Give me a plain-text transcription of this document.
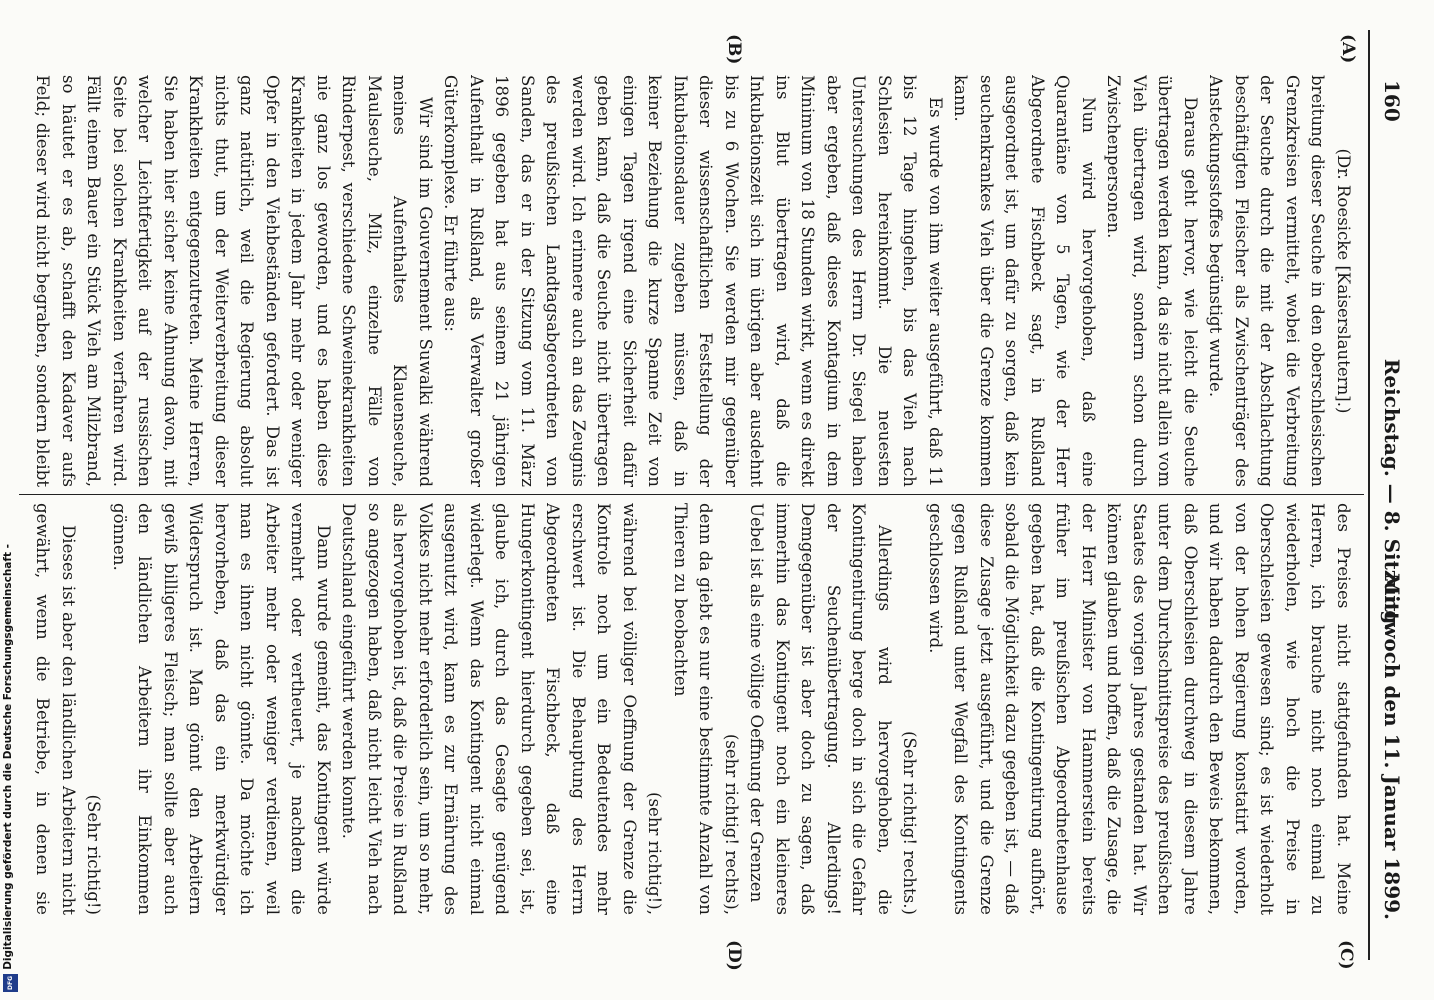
160
Reichstag. — 8. Sitzung.
Mittwoch den 11. Januar 1899.
(A)
(B)
(C)
(D)

(Dr. Roesicke [Kaiserslautern].)

breitung dieser Seuche in den oberschlesischen Grenzkreisen vermittelt, wobei die Verbreitung der Seuche durch die mit der Abschlachtung beschäftigten Fleischer als Zwischenträger des Ansteckungsstoffes begünstigt wurde.

Daraus geht hervor, wie leicht die Seuche übertragen werden kann, da sie nicht allein vom Vieh übertragen wird, sondern schon durch Zwischenpersonen.

Nun wird hervorgehoben, daß eine Quarantäne von 5 Tagen, wie der Herr Abgeordnete Fischbeck sagt, in Rußland ausgeordnet ist, um dafür zu sorgen, daß kein seuchenkrankes Vieh über die Grenze kommen kann.

Es wurde von ihm weiter ausgeführt, daß 11 bis 12 Tage hingehen, bis das Vieh nach Schlesien hereinkommt. Die neuesten Untersuchungen des Herrn Dr. Siegel haben aber ergeben, daß dieses Kontagium in dem Minimum von 18 Stunden wirkt, wenn es direkt ins Blut übertragen wird, daß die Inkubationszeit sich im übrigen aber ausdehnt bis zu 6 Wochen. Sie werden mir gegenüber dieser wissenschaftlichen Feststellung der Inkubationsdauer zugeben müssen, daß in keiner Beziehung die kurze Spanne Zeit von einigen Tagen irgend eine Sicherheit dafür geben kann, daß die Seuche nicht übertragen werden wird. Ich erinnere auch an das Zeugnis des preußischen Landtagsabgeordneten von Sanden, das er in der Sitzung vom 11. März 1896 gegeben hat aus seinem 21 jährigen Aufenthalt in Rußland, als Verwalter großer Güterkomplexe. Er führte aus:

Wir sind im Gouvernement Suwalki während meines Aufenthaltes Klauenseuche, Maulseuche, Milz, einzelne Fälle von Rinderpest, verschiedene Schweinekrankheiten nie ganz los geworden, und es haben diese Krankheiten in jedem Jahr mehr oder weniger Opfer in den Viehbeständen gefordert. Das ist ganz natürlich, weil die Regierung absolut nichts thut, um der Weiterverbreitung dieser Krankheiten entgegenzutreten. Meine Herren, Sie haben hier sicher keine Ahnung davon, mit welcher Leichtfertigkeit auf der russischen Seite bei solchen Krankheiten verfahren wird. Fällt einem Bauer ein Stück Vieh am Milzbrand, so häutet er es ab, schafft den Kadaver aufs Feld; dieser wird nicht begraben, sondern bleibt

des Preises nicht stattgefunden hat. Meine Herren, ich brauche nicht noch einmal zu wiederholen, wie hoch die Preise in Oberschlesien gewesen sind; es ist wiederholt von der hohen Regierung konstatirt worden, und wir haben dadurch den Beweis bekommen, daß Oberschlesien durchweg in diesem Jahre unter dem Durchschnittspreise des preußischen Staates des vorigen Jahres gestanden hat. Wir können glauben und hoffen, daß die Zusage, die der Herr Minister von Hammerstein bereits früher im preußischen Abgeordnetenhause gegeben hat, daß die Kontingentirung aufhört, sobald die Möglichkeit dazu gegeben ist, — daß diese Zusage jetzt ausgeführt, und die Grenze gegen Rußland unter Wegfall des Kontingents geschlossen wird.

(Sehr richtig! rechts.)

Allerdings wird hervorgehoben, die Kontingentirung berge doch in sich die Gefahr der Seuchenübertragung. Allerdings! Demgegenüber ist aber doch zu sagen, daß immerhin das Kontingent noch ein kleineres Uebel ist als eine völlige Oeffnung der Grenzen

(sehr richtig! rechts),

denn da giebt es nur eine bestimmte Anzahl von Thieren zu beobachten

(sehr richtig!),

während bei völliger Oeffnung der Grenze die Kontrole noch um ein Bedeutendes mehr erschwert ist. Die Behauptung des Herrn Abgeordneten Fischbeck, daß eine Hungerkontingent hierdurch gegeben sei, ist, glaube ich, durch das Gesagte genügend widerlegt. Wenn das Kontingent nicht einmal ausgenutzt wird, kann es zur Ernährung des Volkes nicht mehr erforderlich sein, um so mehr, als hervorgehoben ist, daß die Preise in Rußland so angezogen haben, daß nicht leicht Vieh nach Deutschland eingeführt werden konnte.

Dann wurde gemeint, das Kontingent würde vermehrt oder vertheuert, je nachdem die Arbeiter mehr oder weniger verdienen, weil man es ihnen nicht gönnte. Da möchte ich hervorheben, daß das ein merkwürdiger Widerspruch ist. Man gönnt den Arbeitern gewiß billigeres Fleisch; man sollte aber auch den ländlichen Arbeitern ihr Einkommen gönnen.

(Sehr richtig!)

Dieses ist aber den ländlichen Arbeitern nicht gewährt, wenn die Betriebe, in denen sie

Digitalisierung gefördert durch die Deutsche Forschungsgemeinschaft -
DFG
